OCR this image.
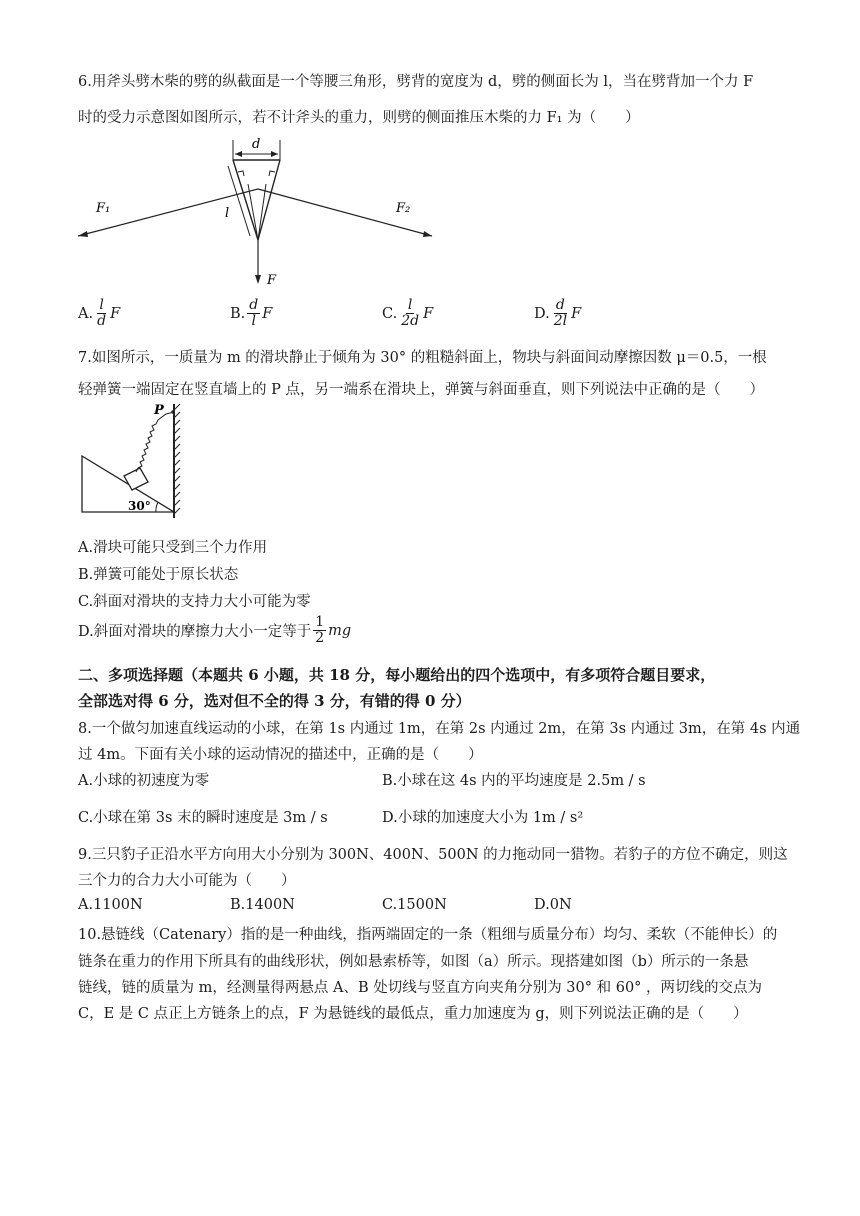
6.用斧头劈木柴的劈的纵截面是一个等腰三角形，劈背的宽度为 d，劈的侧面长为 l，当在劈背加一个力 F
时的受力示意图如图所示，若不计斧头的重力，则劈的侧面推压木柴的力 F₁ 为（　　）
d
l
F₁	F₂
F
A. $\frac{l}{d}$ F	B. $\frac{d}{l}$ F	C. $\frac{l}{2d}$ F	D. $\frac{d}{2l}$ F
7.如图所示，一质量为 m 的滑块静止于倾角为 30° 的粗糙斜面上，物块与斜面间动摩擦因数 μ＝0.5，一根
轻弹簧一端固定在竖直墙上的 P 点，另一端系在滑块上，弹簧与斜面垂直，则下列说法中正确的是（　　）
P
30°
A.滑块可能只受到三个力作用
B.弹簧可能处于原长状态
C.斜面对滑块的支持力大小可能为零
D.斜面对滑块的摩擦力大小一定等于 $\frac{1}{2}$ mg
二、多项选择题（本题共 6 小题，共 18 分，每小题给出的四个选项中，有多项符合题目要求，
全部选对得 6 分，选对但不全的得 3 分，有错的得 0 分）
8.一个做匀加速直线运动的小球，在第 1s 内通过 1m，在第 2s 内通过 2m，在第 3s 内通过 3m，在第 4s 内通
过 4m。下面有关小球的运动情况的描述中，正确的是（　　）
A.小球的初速度为零	B.小球在这 4s 内的平均速度是 2.5m / s
C.小球在第 3s 末的瞬时速度是 3m / s	D.小球的加速度大小为 1m / s²
9.三只豹子正沿水平方向用大小分别为 300N、400N、500N 的力拖动同一猎物。若豹子的方位不确定，则这
三个力的合力大小可能为（　　）
A.1100N	B.1400N	C.1500N	D.0N
10.悬链线（Catenary）指的是一种曲线，指两端固定的一条（粗细与质量分布）均匀、柔软（不能伸长）的
链条在重力的作用下所具有的曲线形状，例如悬索桥等，如图（a）所示。现搭建如图（b）所示的一条悬
链线，链的质量为 m，经测量得两悬点 A、B 处切线与竖直方向夹角分别为 30° 和 60° ，两切线的交点为
C，E 是 C 点正上方链条上的点，F 为悬链线的最低点，重力加速度为 g，则下列说法正确的是（　　）
